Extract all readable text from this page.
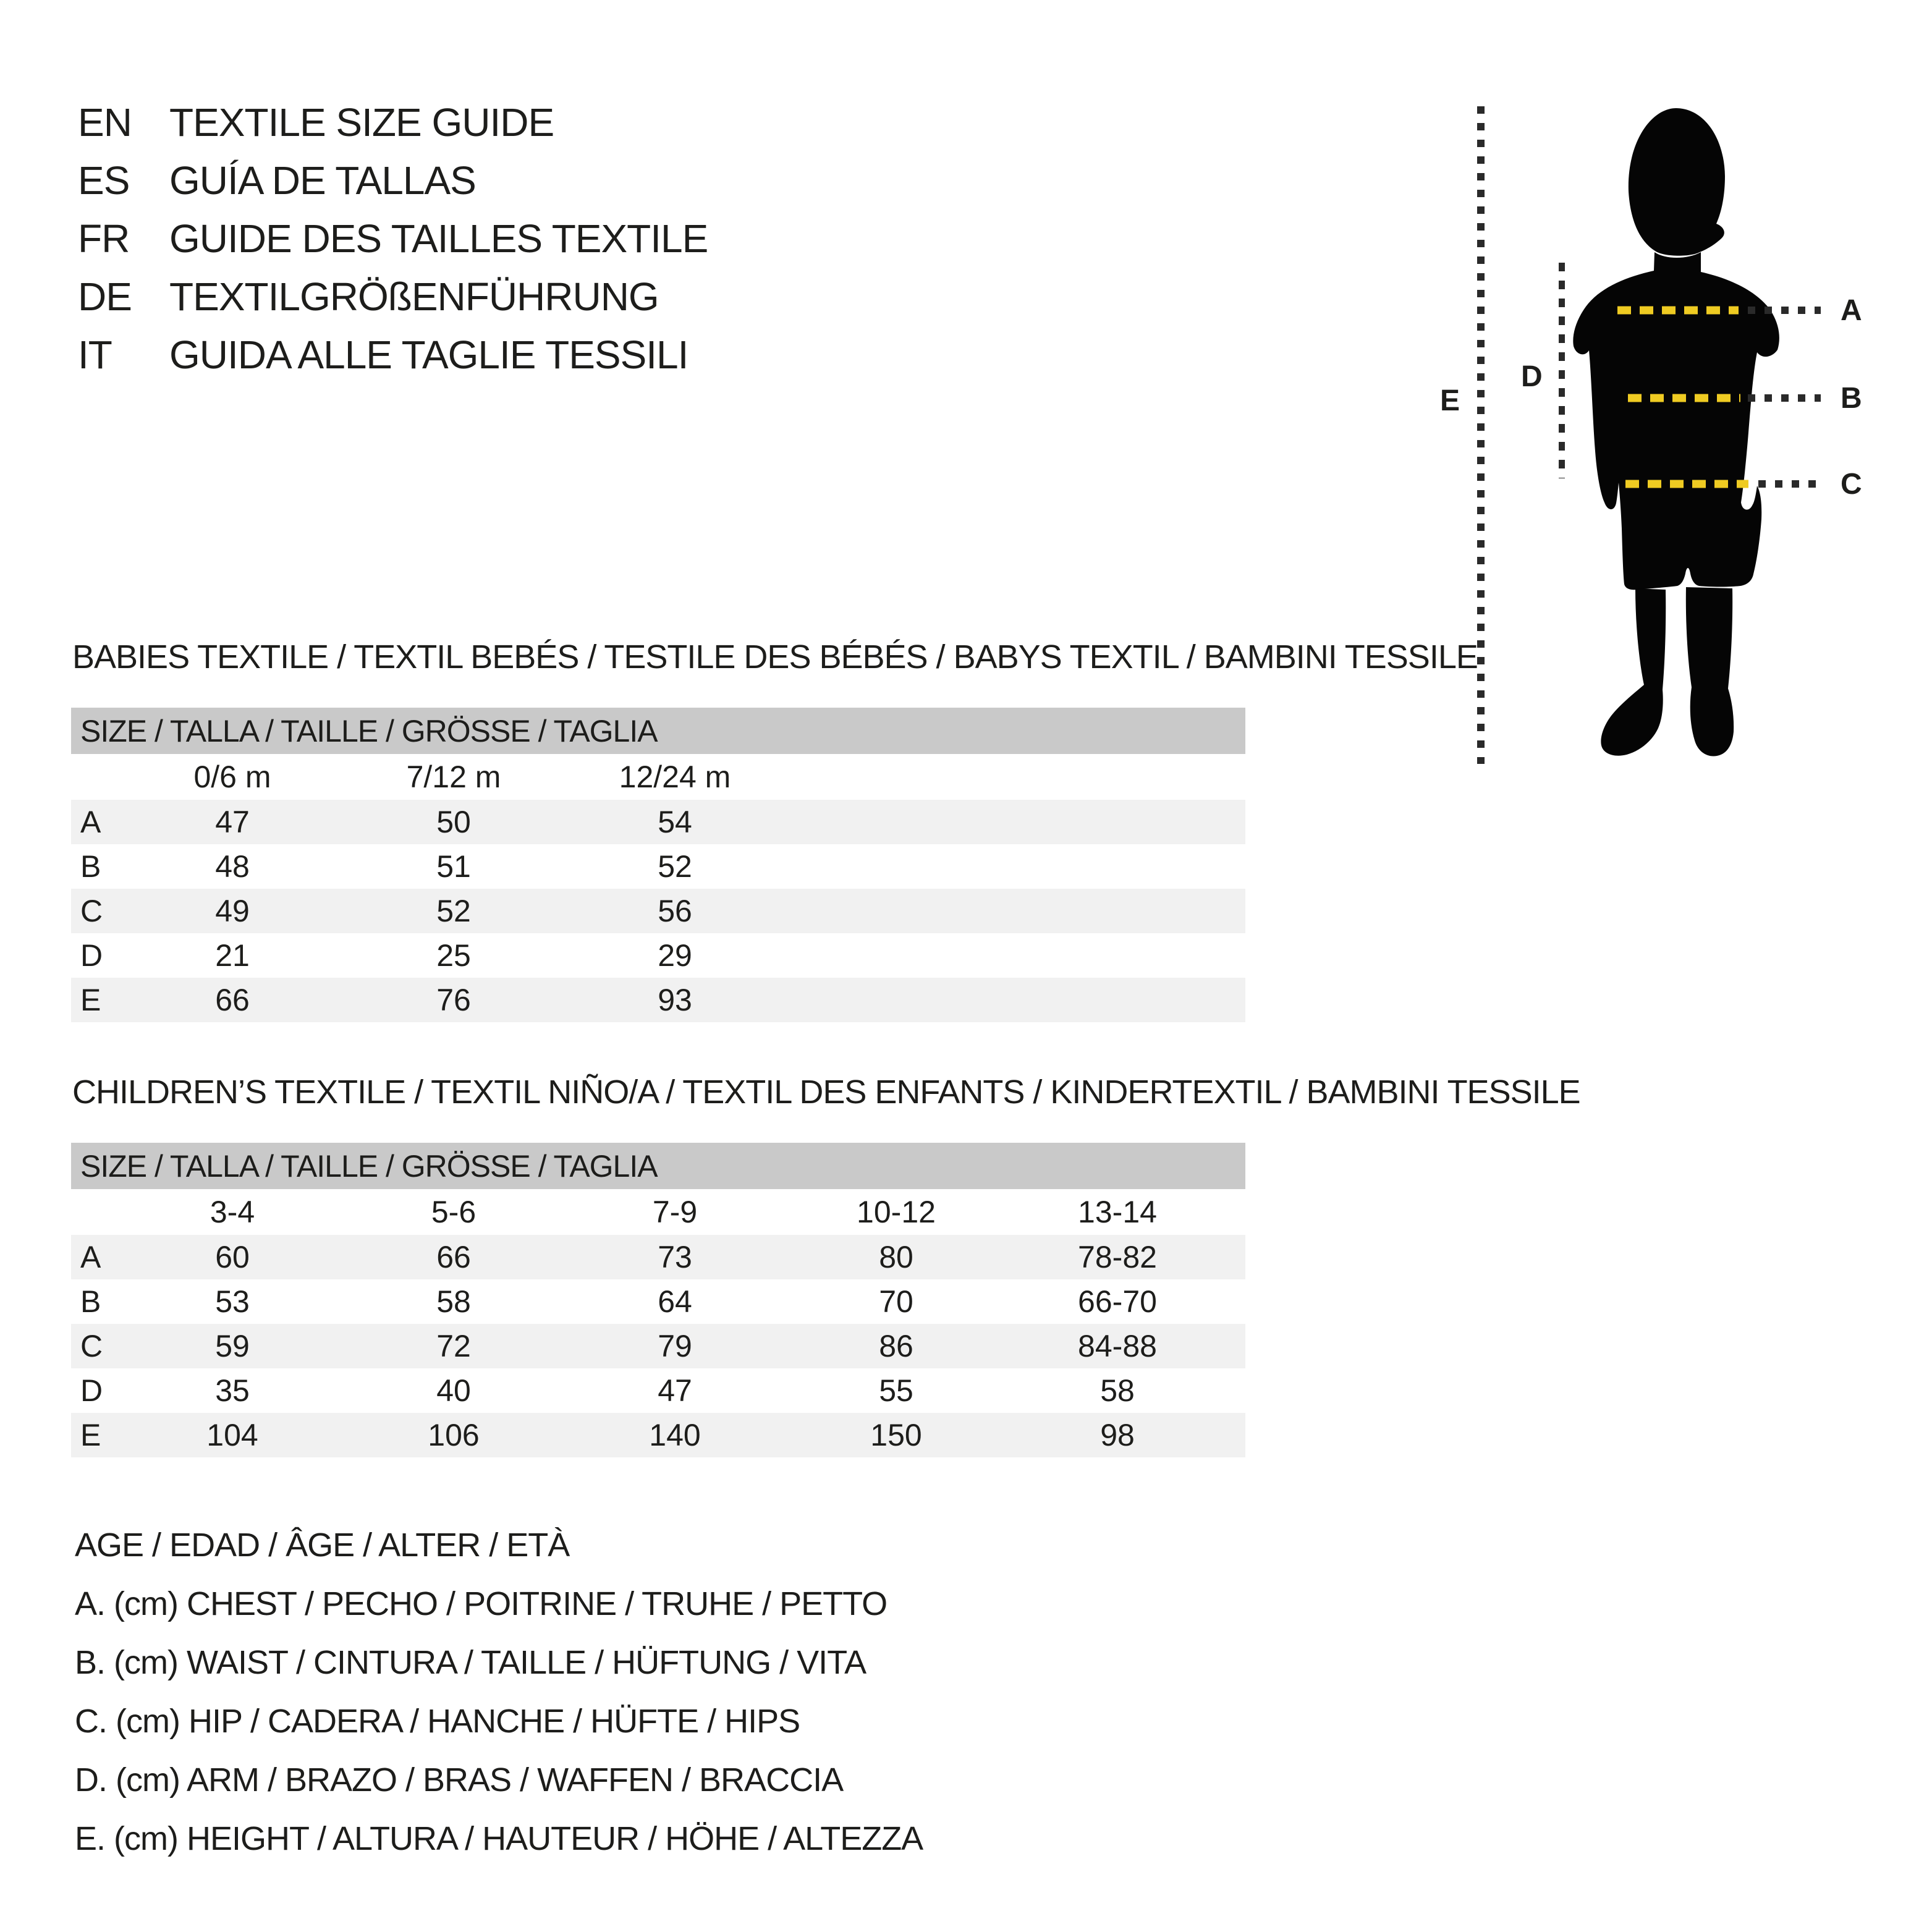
EN TEXTILE SIZE GUIDE
ES	GUÍA DE TALLAS
FR	GUIDE DES TAILLES TEXTILE
DE TEXTILGRÖßENFÜHRUNG
IT	GUIDA ALLE TAGLIE TESSILI
A
B
C
D
E
BABIES TEXTILE / TEXTIL BEBÉS / TESTILE DES BÉBÉS / BABYS TEXTIL / BAMBINI TESSILE
SIZE / TALLA / TAILLE / GRÖSSE / TAGLIA
0/6 m	7/12 m	12/24 m
A	47	50	54
B	48	51	52
C	49	52	56
D	21	25	29
E	66	76	93
CHILDREN’S TEXTILE / TEXTIL NIÑO/A / TEXTIL DES ENFANTS / KINDERTEXTIL / BAMBINI TESSILE
SIZE / TALLA / TAILLE / GRÖSSE / TAGLIA
3-4	5-6	7-9	10-12	13-14
A	60	66	73	80	78-82
B	53	58	64	70	66-70
C	59	72	79	86	84-88
D	35	40	47	55	58
E	104	106	140	150	98
AGE / EDAD / ÂGE / ALTER / ETÀ
A. (cm) CHEST / PECHO / POITRINE / TRUHE / PETTO
B. (cm) WAIST / CINTURA / TAILLE / HÜFTUNG / VITA
C. (cm) HIP / CADERA / HANCHE / HÜFTE / HIPS
D. (cm) ARM / BRAZO / BRAS / WAFFEN / BRACCIA
E. (cm) HEIGHT / ALTURA / HAUTEUR / HÖHE / ALTEZZA
